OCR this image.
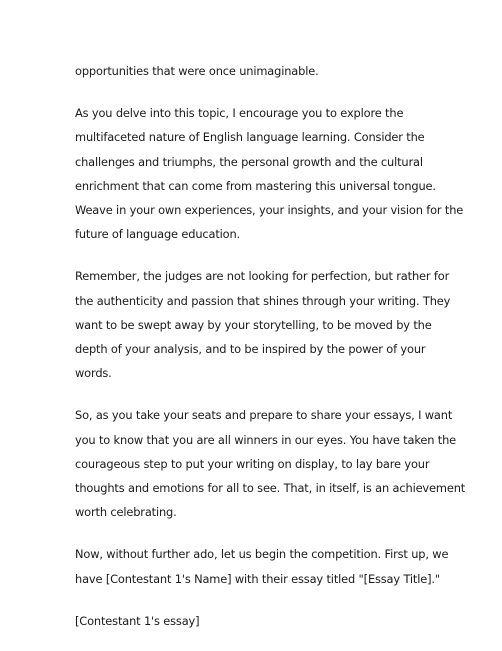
opportunities that were once unimaginable.

As you delve into this topic, I encourage you to explore the
multifaceted nature of English language learning. Consider the
challenges and triumphs, the personal growth and the cultural
enrichment that can come from mastering this universal tongue.
Weave in your own experiences, your insights, and your vision for the
future of language education.

Remember, the judges are not looking for perfection, but rather for
the authenticity and passion that shines through your writing. They
want to be swept away by your storytelling, to be moved by the
depth of your analysis, and to be inspired by the power of your
words.

So, as you take your seats and prepare to share your essays, I want
you to know that you are all winners in our eyes. You have taken the
courageous step to put your writing on display, to lay bare your
thoughts and emotions for all to see. That, in itself, is an achievement
worth celebrating.

Now, without further ado, let us begin the competition. First up, we
have [Contestant 1's Name] with their essay titled "[Essay Title]."

[Contestant 1's essay]
